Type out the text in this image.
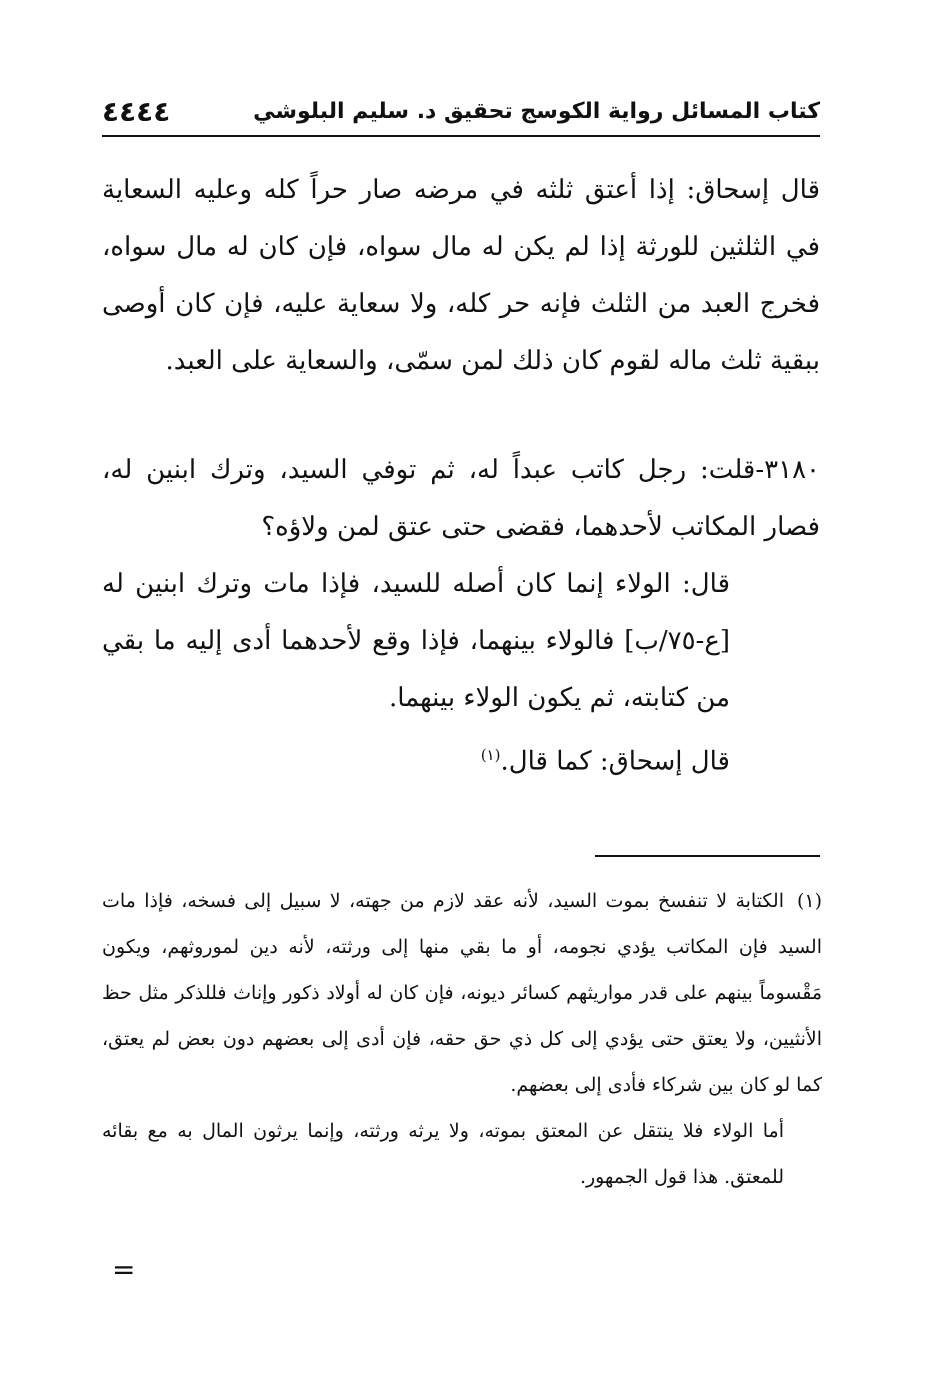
كتاب المسائل رواية الكوسج تحقيق د. سليم البلوشي
٤٤٤٤

قال إسحاق: إذا أعتق ثلثه في مرضه صار حراً كله وعليه السعاية في الثلثين للورثة إذا لم يكن له مال سواه، فإن كان له مال سواه، فخرج العبد من الثلث فإنه حر كله، ولا سعاية عليه، فإن كان أوصى ببقية ثلث ماله لقوم كان ذلك لمن سمّى، والسعاية على العبد.

٣١٨٠-قلت: رجل كاتب عبداً له، ثم توفي السيد، وترك ابنين له، فصار المكاتب لأحدهما، فقضى حتى عتق لمن ولاؤه؟

قال: الولاء إنما كان أصله للسيد، فإذا مات وترك ابنين له [ع-٧٥/ب] فالولاء بينهما، فإذا وقع لأحدهما أدى إليه ما بقي من كتابته، ثم يكون الولاء بينهما.

قال إسحاق: كما قال.$^{(١)}$

(١)الكتابة لا تنفسخ بموت السيد، لأنه عقد لازم من جهته، لا سبيل إلى فسخه، فإذا مات السيد فإن المكاتب يؤدي نجومه، أو ما بقي منها إلى ورثته، لأنه دين لموروثهم، ويكون مَقْسوماً بينهم على قدر مواريثهم كسائر ديونه، فإن كان له أولاد ذكور وإناث فللذكر مثل حظ الأنثيين، ولا يعتق حتى يؤدي إلى كل ذي حق حقه، فإن أدى إلى بعضهم دون بعض لم يعتق، كما لو كان بين شركاء فأدى إلى بعضهم.

أما الولاء فلا ينتقل عن المعتق بموته، ولا يرثه ورثته، وإنما يرثون المال به مع بقائه للمعتق. هذا قول الجمهور.

=
